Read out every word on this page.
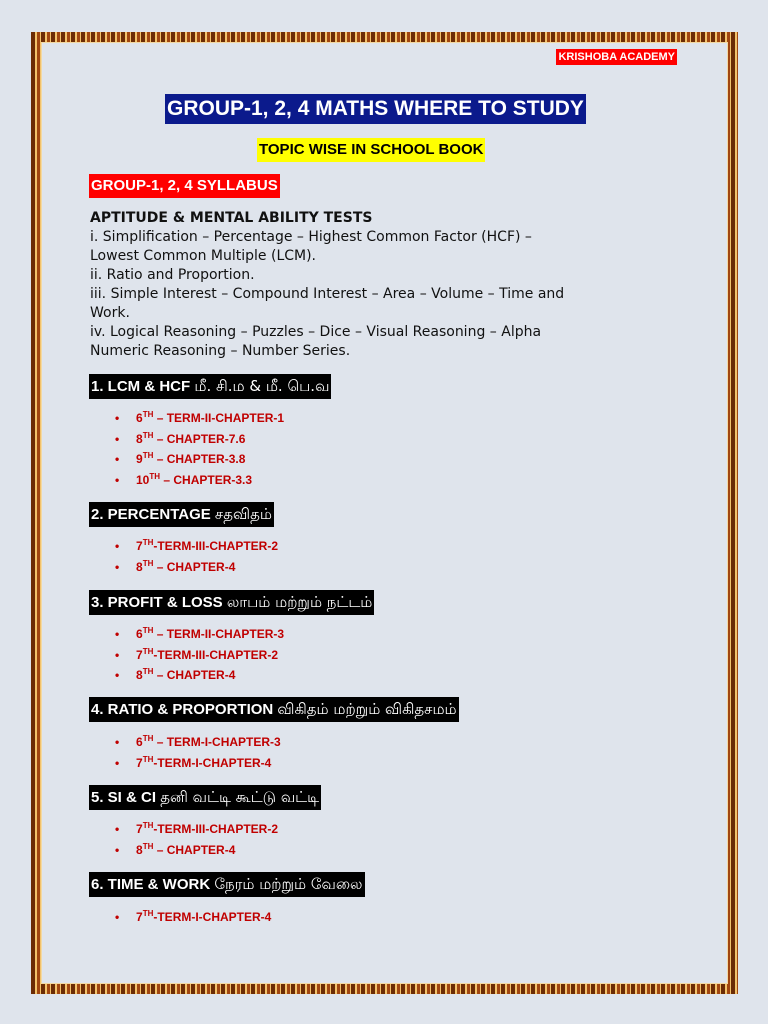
KRISHOBA ACADEMY
GROUP-1, 2, 4 MATHS WHERE TO STUDY
TOPIC WISE IN SCHOOL BOOK
GROUP-1, 2, 4 SYLLABUS
APTITUDE & MENTAL ABILITY TESTS
i. Simplification – Percentage – Highest Common Factor (HCF) –
Lowest Common Multiple (LCM).
ii. Ratio and Proportion.
iii. Simple Interest – Compound Interest – Area – Volume – Time and
Work.
iv. Logical Reasoning – Puzzles – Dice – Visual Reasoning – Alpha
Numeric Reasoning – Number Series.
1. LCM & HCF மீ. சி.ம & மீ. பெ.வ
• 6TH – TERM-II-CHAPTER-1
• 8TH – CHAPTER-7.6
• 9TH – CHAPTER-3.8
• 10TH – CHAPTER-3.3
2. PERCENTAGE சதவிதம்
• 7TH-TERM-III-CHAPTER-2
• 8TH – CHAPTER-4
3. PROFIT & LOSS லாபம் மற்றும் நட்டம்
• 6TH – TERM-II-CHAPTER-3
• 7TH-TERM-III-CHAPTER-2
• 8TH – CHAPTER-4
4. RATIO & PROPORTION விகிதம் மற்றும் விகிதசமம்
• 6TH – TERM-I-CHAPTER-3
• 7TH-TERM-I-CHAPTER-4
5. SI & CI தனி வட்டி கூட்டு வட்டி
• 7TH-TERM-III-CHAPTER-2
• 8TH – CHAPTER-4
6. TIME & WORK நேரம் மற்றும் வேலை
• 7TH-TERM-I-CHAPTER-4
